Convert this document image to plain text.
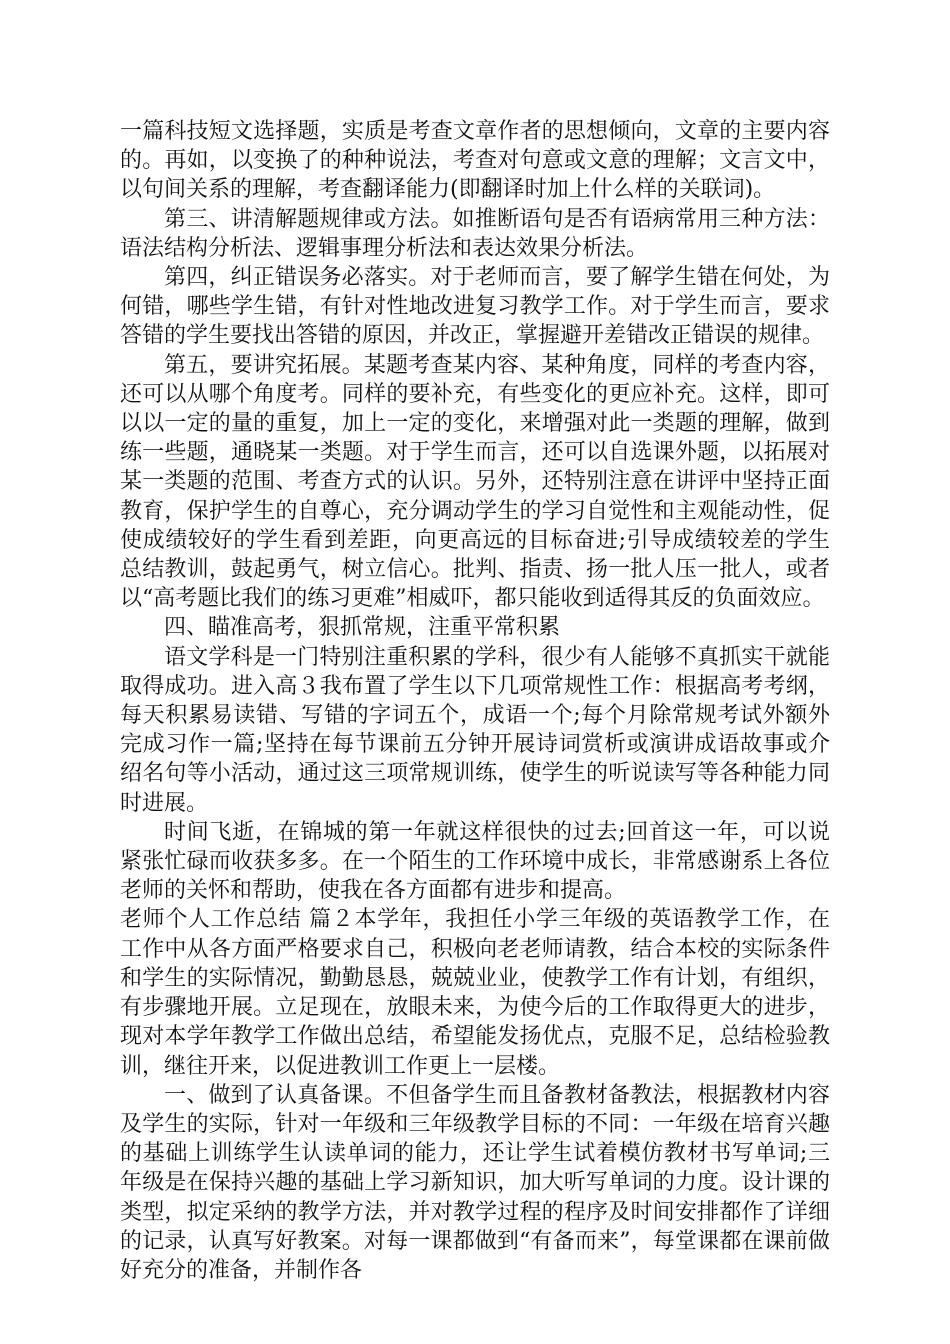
一篇科技短文选择题，实质是考查文章作者的思想倾向，文章的主要内容的。再如，以变换了的种种说法，考查对句意或文意的理解；文言文中，以句间关系的理解，考查翻译能力(即翻译时加上什么样的关联词)。

第三、讲清解题规律或方法。如推断语句是否有语病常用三种方法：语法结构分析法、逻辑事理分析法和表达效果分析法。

第四，纠正错误务必落实。对于老师而言，要了解学生错在何处，为何错，哪些学生错，有针对性地改进复习教学工作。对于学生而言，要求答错的学生要找出答错的原因，并改正，掌握避开差错改正错误的规律。

第五，要讲究拓展。某题考查某内容、某种角度，同样的考查内容，还可以从哪个角度考。同样的要补充，有些变化的更应补充。这样，即可以以一定的量的重复，加上一定的变化，来增强对此一类题的理解，做到练一些题，通晓某一类题。对于学生而言，还可以自选课外题，以拓展对某一类题的范围、考查方式的认识。另外，还特别注意在讲评中坚持正面教育，保护学生的自尊心，充分调动学生的学习自觉性和主观能动性，促使成绩较好的学生看到差距，向更高远的目标奋进;引导成绩较差的学生总结教训，鼓起勇气，树立信心。批判、指责、扬一批人压一批人，或者以“高考题比我们的练习更难”相威吓，都只能收到适得其反的负面效应。

四、瞄准高考，狠抓常规，注重平常积累

语文学科是一门特别注重积累的学科，很少有人能够不真抓实干就能取得成功。进入高３我布置了学生以下几项常规性工作：根据高考考纲，每天积累易读错、写错的字词五个，成语一个;每个月除常规考试外额外完成习作一篇;坚持在每节课前五分钟开展诗词赏析或演讲成语故事或介绍名句等小活动，通过这三项常规训练，使学生的听说读写等各种能力同时进展。

时间飞逝，在锦城的第一年就这样很快的过去;回首这一年，可以说紧张忙碌而收获多多。在一个陌生的工作环境中成长，非常感谢系上各位老师的关怀和帮助，使我在各方面都有进步和提高。

老师个人工作总结 篇２本学年，我担任小学三年级的英语教学工作，在工作中从各方面严格要求自己，积极向老老师请教，结合本校的实际条件和学生的实际情况，勤勤恳恳，兢兢业业，使教学工作有计划，有组织，有步骤地开展。立足现在，放眼未来，为使今后的工作取得更大的进步，现对本学年教学工作做出总结，希望能发扬优点，克服不足，总结检验教训，继往开来，以促进教训工作更上一层楼。

一、做到了认真备课。不但备学生而且备教材备教法，根据教材内容及学生的实际，针对一年级和三年级教学目标的不同：一年级在培育兴趣的基础上训练学生认读单词的能力，还让学生试着模仿教材书写单词;三年级是在保持兴趣的基础上学习新知识，加大听写单词的力度。设计课的类型，拟定采纳的教学方法，并对教学过程的程序及时间安排都作了详细的记录，认真写好教案。对每一课都做到“有备而来”，每堂课都在课前做好充分的准备，并制作各
